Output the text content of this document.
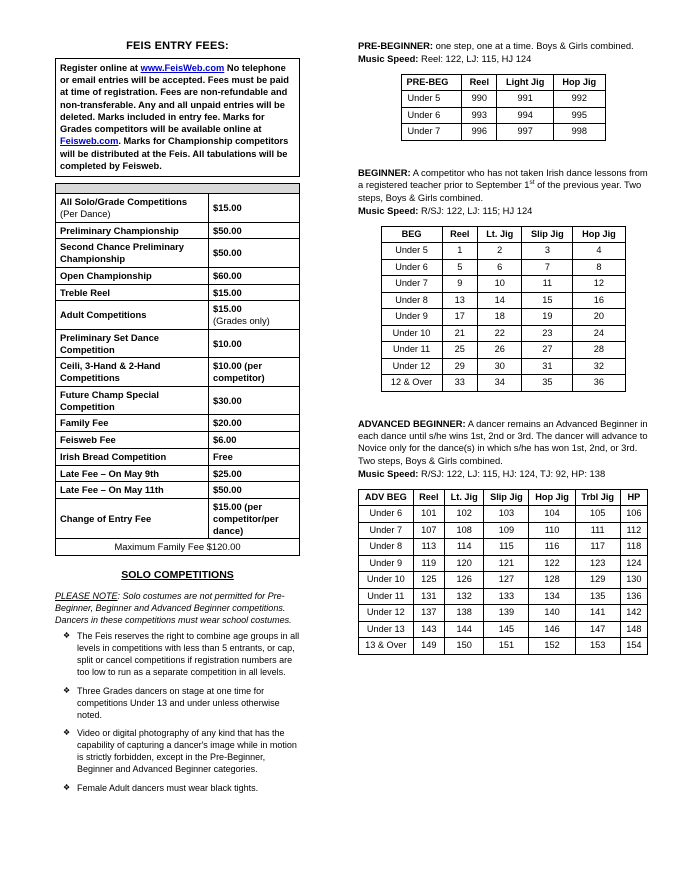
FEIS ENTRY FEES:
Register online at www.FeisWeb.com No telephone or email entries will be accepted. Fees must be paid at time of registration. Fees are non-refundable and non-transferable. Any and all unpaid entries will be deleted. Marks included in entry fee. Marks for Grades competitors will be available online at Feisweb.com. Marks for Championship competitors will be distributed at the Feis. All tabulations will be completed by Feisweb.

All Solo/Grade Competitions
(Per Dance)	$15.00
Preliminary Championship	$50.00
Second Chance Preliminary Championship	$50.00
Open Championship	$60.00
Treble Reel	$15.00
Adult Competitions	$15.00
(Grades only)
Preliminary Set Dance Competition	$10.00
Ceili, 3-Hand & 2-Hand Competitions	$10.00 (per competitor)
Future Champ Special Competition	$30.00
Family Fee	$20.00
Feisweb Fee	$6.00
Irish Bread Competition	Free
Late Fee – On May 9th	$25.00
Late Fee – On May 11th	$50.00
Change of Entry Fee	$15.00 (per competitor/per dance)
Maximum Family Fee $120.00	
SOLO COMPETITIONS

PLEASE NOTE: Solo costumes are not permitted for Pre-Beginner, Beginner and Advanced Beginner competitions. Dancers in these competitions must wear school costumes.

❖ The Feis reserves the right to combine age groups in all levels in competitions with less than 5 entrants, or cap, split or cancel competitions if registration numbers are too low to run as a separate competition in all levels.
❖ Three Grades dancers on stage at one time for competitions Under 13 and under unless otherwise noted.
❖ Video or digital photography of any kind that has the capability of capturing a dancer's image while in motion is strictly forbidden, except in the Pre-Beginner, Beginner and Advanced Beginner categories.
❖ Female Adult dancers must wear black tights.

PRE-BEGINNER: one step, one at a time. Boys & Girls combined.

Music Speed: Reel: 122, LJ: 115, HJ 124

PRE-BEG	Reel	Light Jig	Hop Jig
Under 5	990	991	992
Under 6	993	994	995
Under 7	996	997	998

BEGINNER: A competitor who has not taken Irish dance lessons from a registered teacher prior to September 1st of the previous year. Two steps, Boys & Girls combined.

Music Speed: R/SJ: 122, LJ: 115; HJ 124

BEG	Reel	Lt. Jig	Slip Jig	Hop Jig
Under 5	1	2	3	4
Under 6	5	6	7	8
Under 7	9	10	11	12
Under 8	13	14	15	16
Under 9	17	18	19	20
Under 10	21	22	23	24
Under 11	25	26	27	28
Under 12	29	30	31	32
12 & Over	33	34	35	36

ADVANCED BEGINNER: A dancer remains an Advanced Beginner in each dance until s/he wins 1st, 2nd or 3rd. The dancer will advance to Novice only for the dance(s) in which s/he has won 1st, 2nd, or 3rd. Two steps, Boys & Girls combined.

Music Speed: R/SJ: 122, LJ: 115, HJ: 124, TJ: 92, HP: 138

ADV BEG	Reel	Lt. Jig	Slip Jig	Hop Jig	Trbl Jig	HP
Under 6	101	102	103	104	105	106
Under 7	107	108	109	110	111	112
Under 8	113	114	115	116	117	118
Under 9	119	120	121	122	123	124
Under 10	125	126	127	128	129	130
Under 11	131	132	133	134	135	136
Under 12	137	138	139	140	141	142
Under 13	143	144	145	146	147	148
13 & Over	149	150	151	152	153	154
